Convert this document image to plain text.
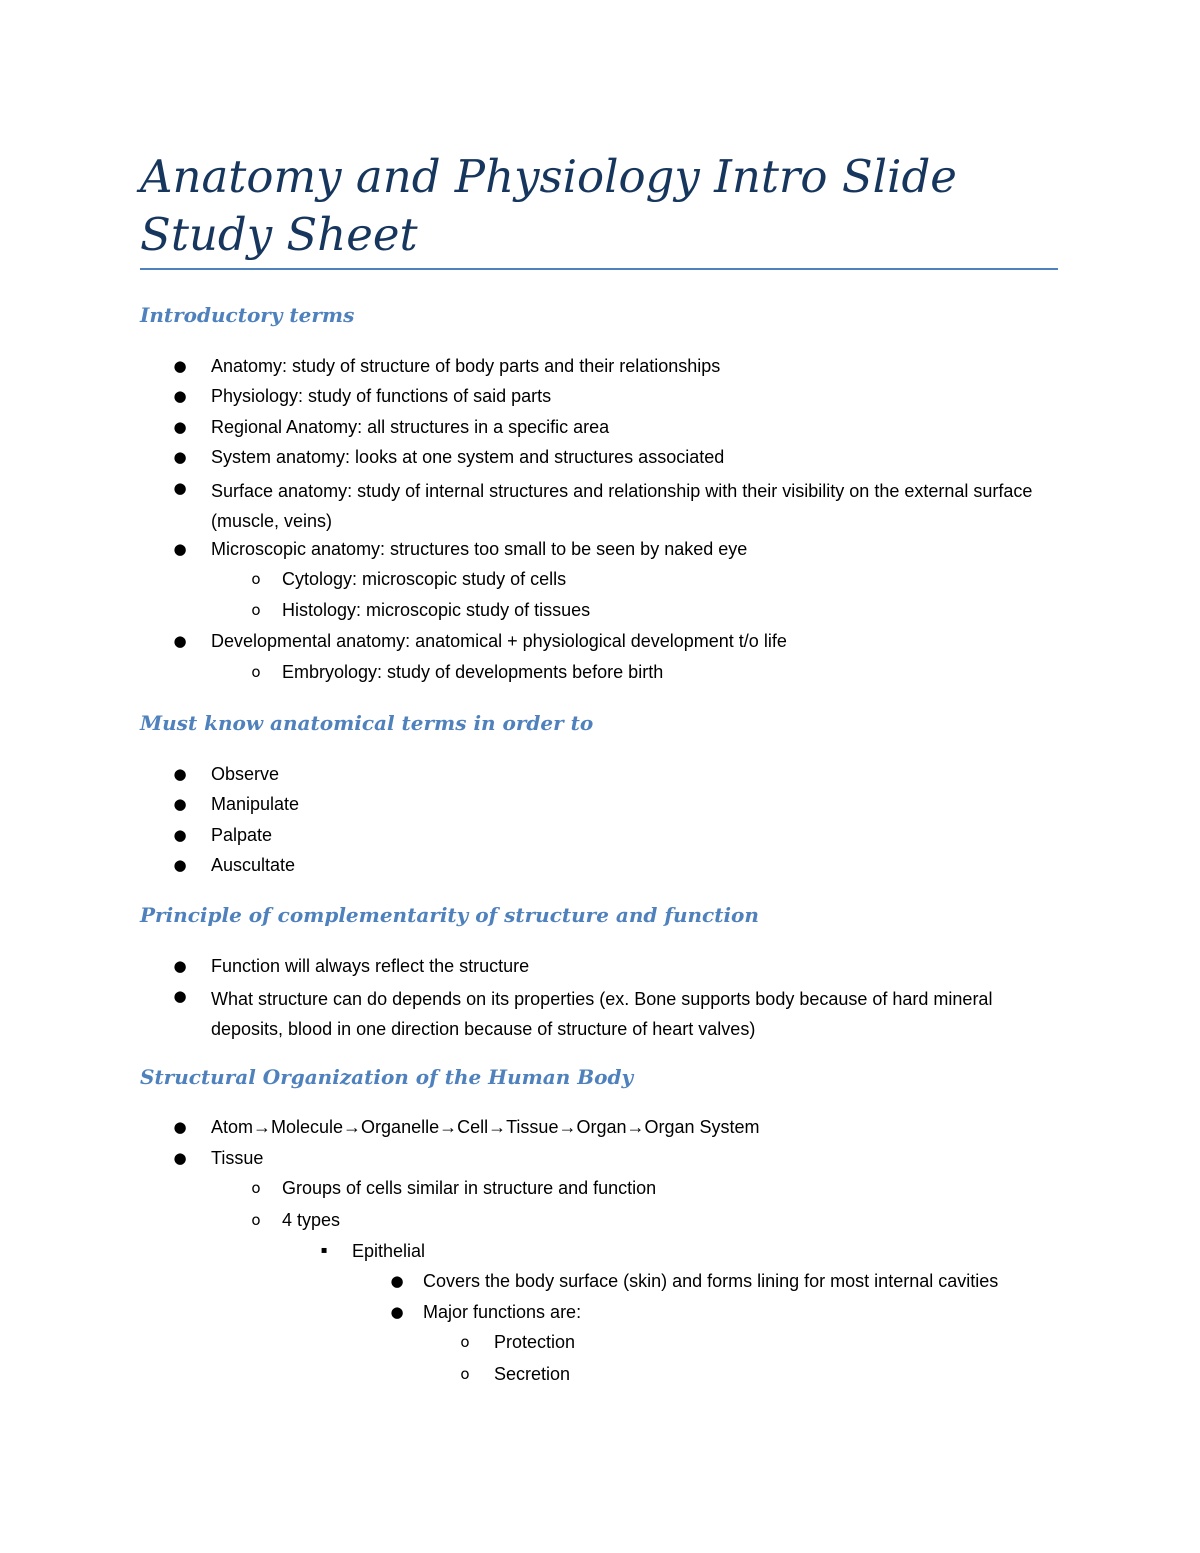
Anatomy and Physiology Intro Slide Study Sheet
Introductory terms
● Anatomy: study of structure of body parts and their relationships
● Physiology: study of functions of said parts
● Regional Anatomy: all structures in a specific area
● System anatomy: looks at one system and structures associated
● Surface anatomy: study of internal structures and relationship with their visibility on the external surface (muscle, veins)
● Microscopic anatomy: structures too small to be seen by naked eye
o	Cytology: microscopic study of cells
o	Histology: microscopic study of tissues
● Developmental anatomy: anatomical + physiological development t/o life
o	Embryology: study of developments before birth
Must know anatomical terms in order to
● Observe
● Manipulate
● Palpate
● Auscultate
Principle of complementarity of structure and function
● Function will always reflect the structure
● What structure can do depends on its properties (ex. Bone supports body because of hard mineral deposits, blood in one direction because of structure of heart valves)
Structural Organization of the Human Body
● Atom→Molecule→Organelle→Cell→Tissue→Organ→Organ System
● Tissue
o	Groups of cells similar in structure and function
o	4 types
▪	Epithelial
● Covers the body surface (skin) and forms lining for most internal cavities
● Major functions are:
o	Protection
o	Secretion
